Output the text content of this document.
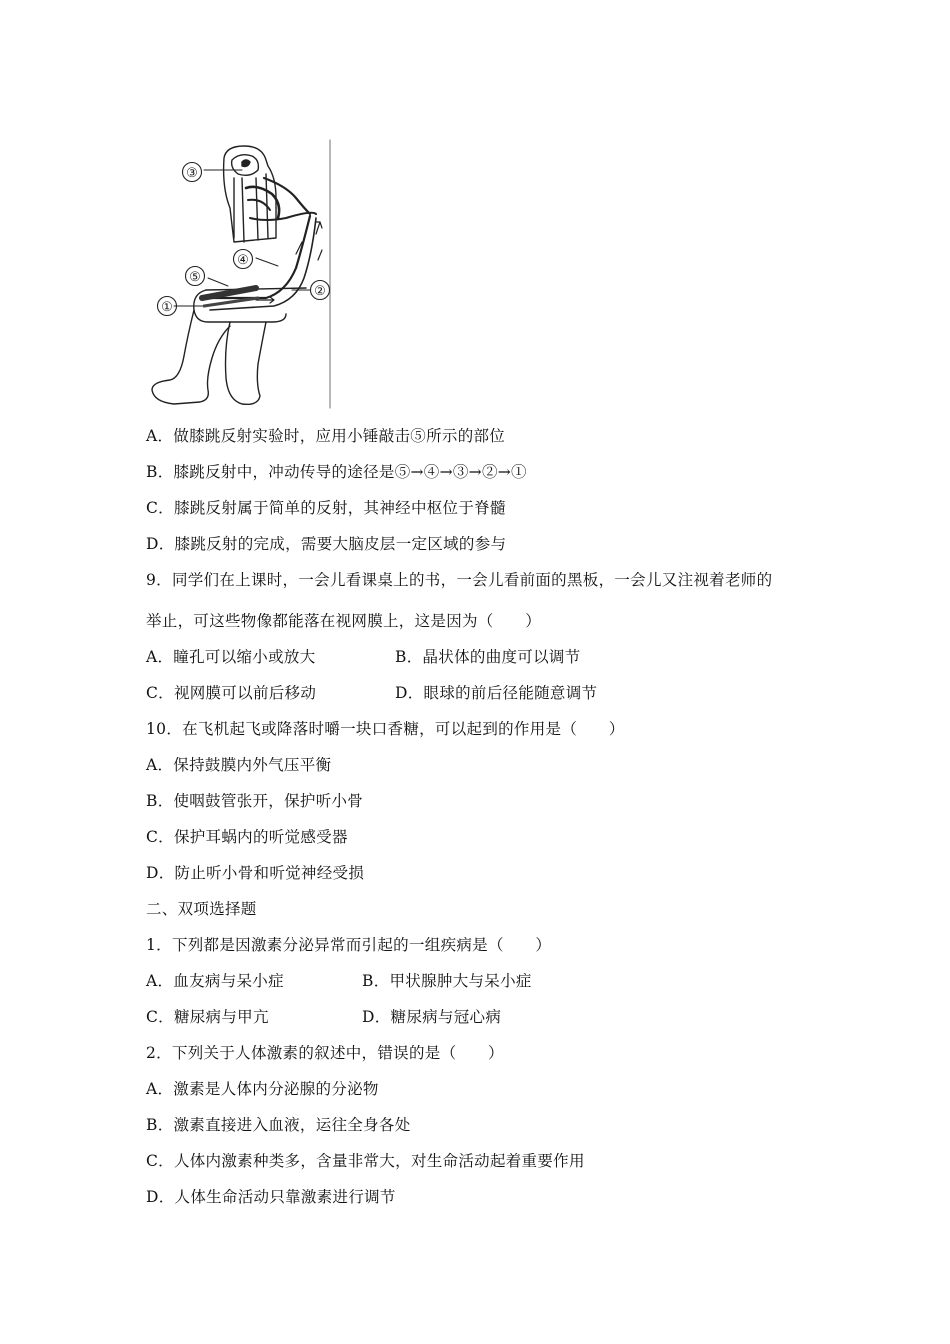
③
④
⑤
①
②
A．做膝跳反射实验时，应用小锤敲击⑤所示的部位
B．膝跳反射中，冲动传导的途径是⑤→④→③→②→①
C．膝跳反射属于简单的反射，其神经中枢位于脊髓
D．膝跳反射的完成，需要大脑皮层一定区域的参与
9．同学们在上课时，一会儿看课桌上的书，一会儿看前面的黑板，一会儿又注视着老师的
举止，可这些物像都能落在视网膜上，这是因为（　　）
A．瞳孔可以缩小或放大	B．晶状体的曲度可以调节
C．视网膜可以前后移动	D．眼球的前后径能随意调节
10．在飞机起飞或降落时嚼一块口香糖，可以起到的作用是（　　）
A．保持鼓膜内外气压平衡
B．使咽鼓管张开，保护听小骨
C．保护耳蜗内的听觉感受器
D．防止听小骨和听觉神经受损
二、双项选择题
1．下列都是因激素分泌异常而引起的一组疾病是（　　）
A．血友病与呆小症	B．甲状腺肿大与呆小症
C．糖尿病与甲亢	D．糖尿病与冠心病
2．下列关于人体激素的叙述中，错误的是（　　）
A．激素是人体内分泌腺的分泌物
B．激素直接进入血液，运往全身各处
C．人体内激素种类多，含量非常大，对生命活动起着重要作用
D．人体生命活动只靠激素进行调节
